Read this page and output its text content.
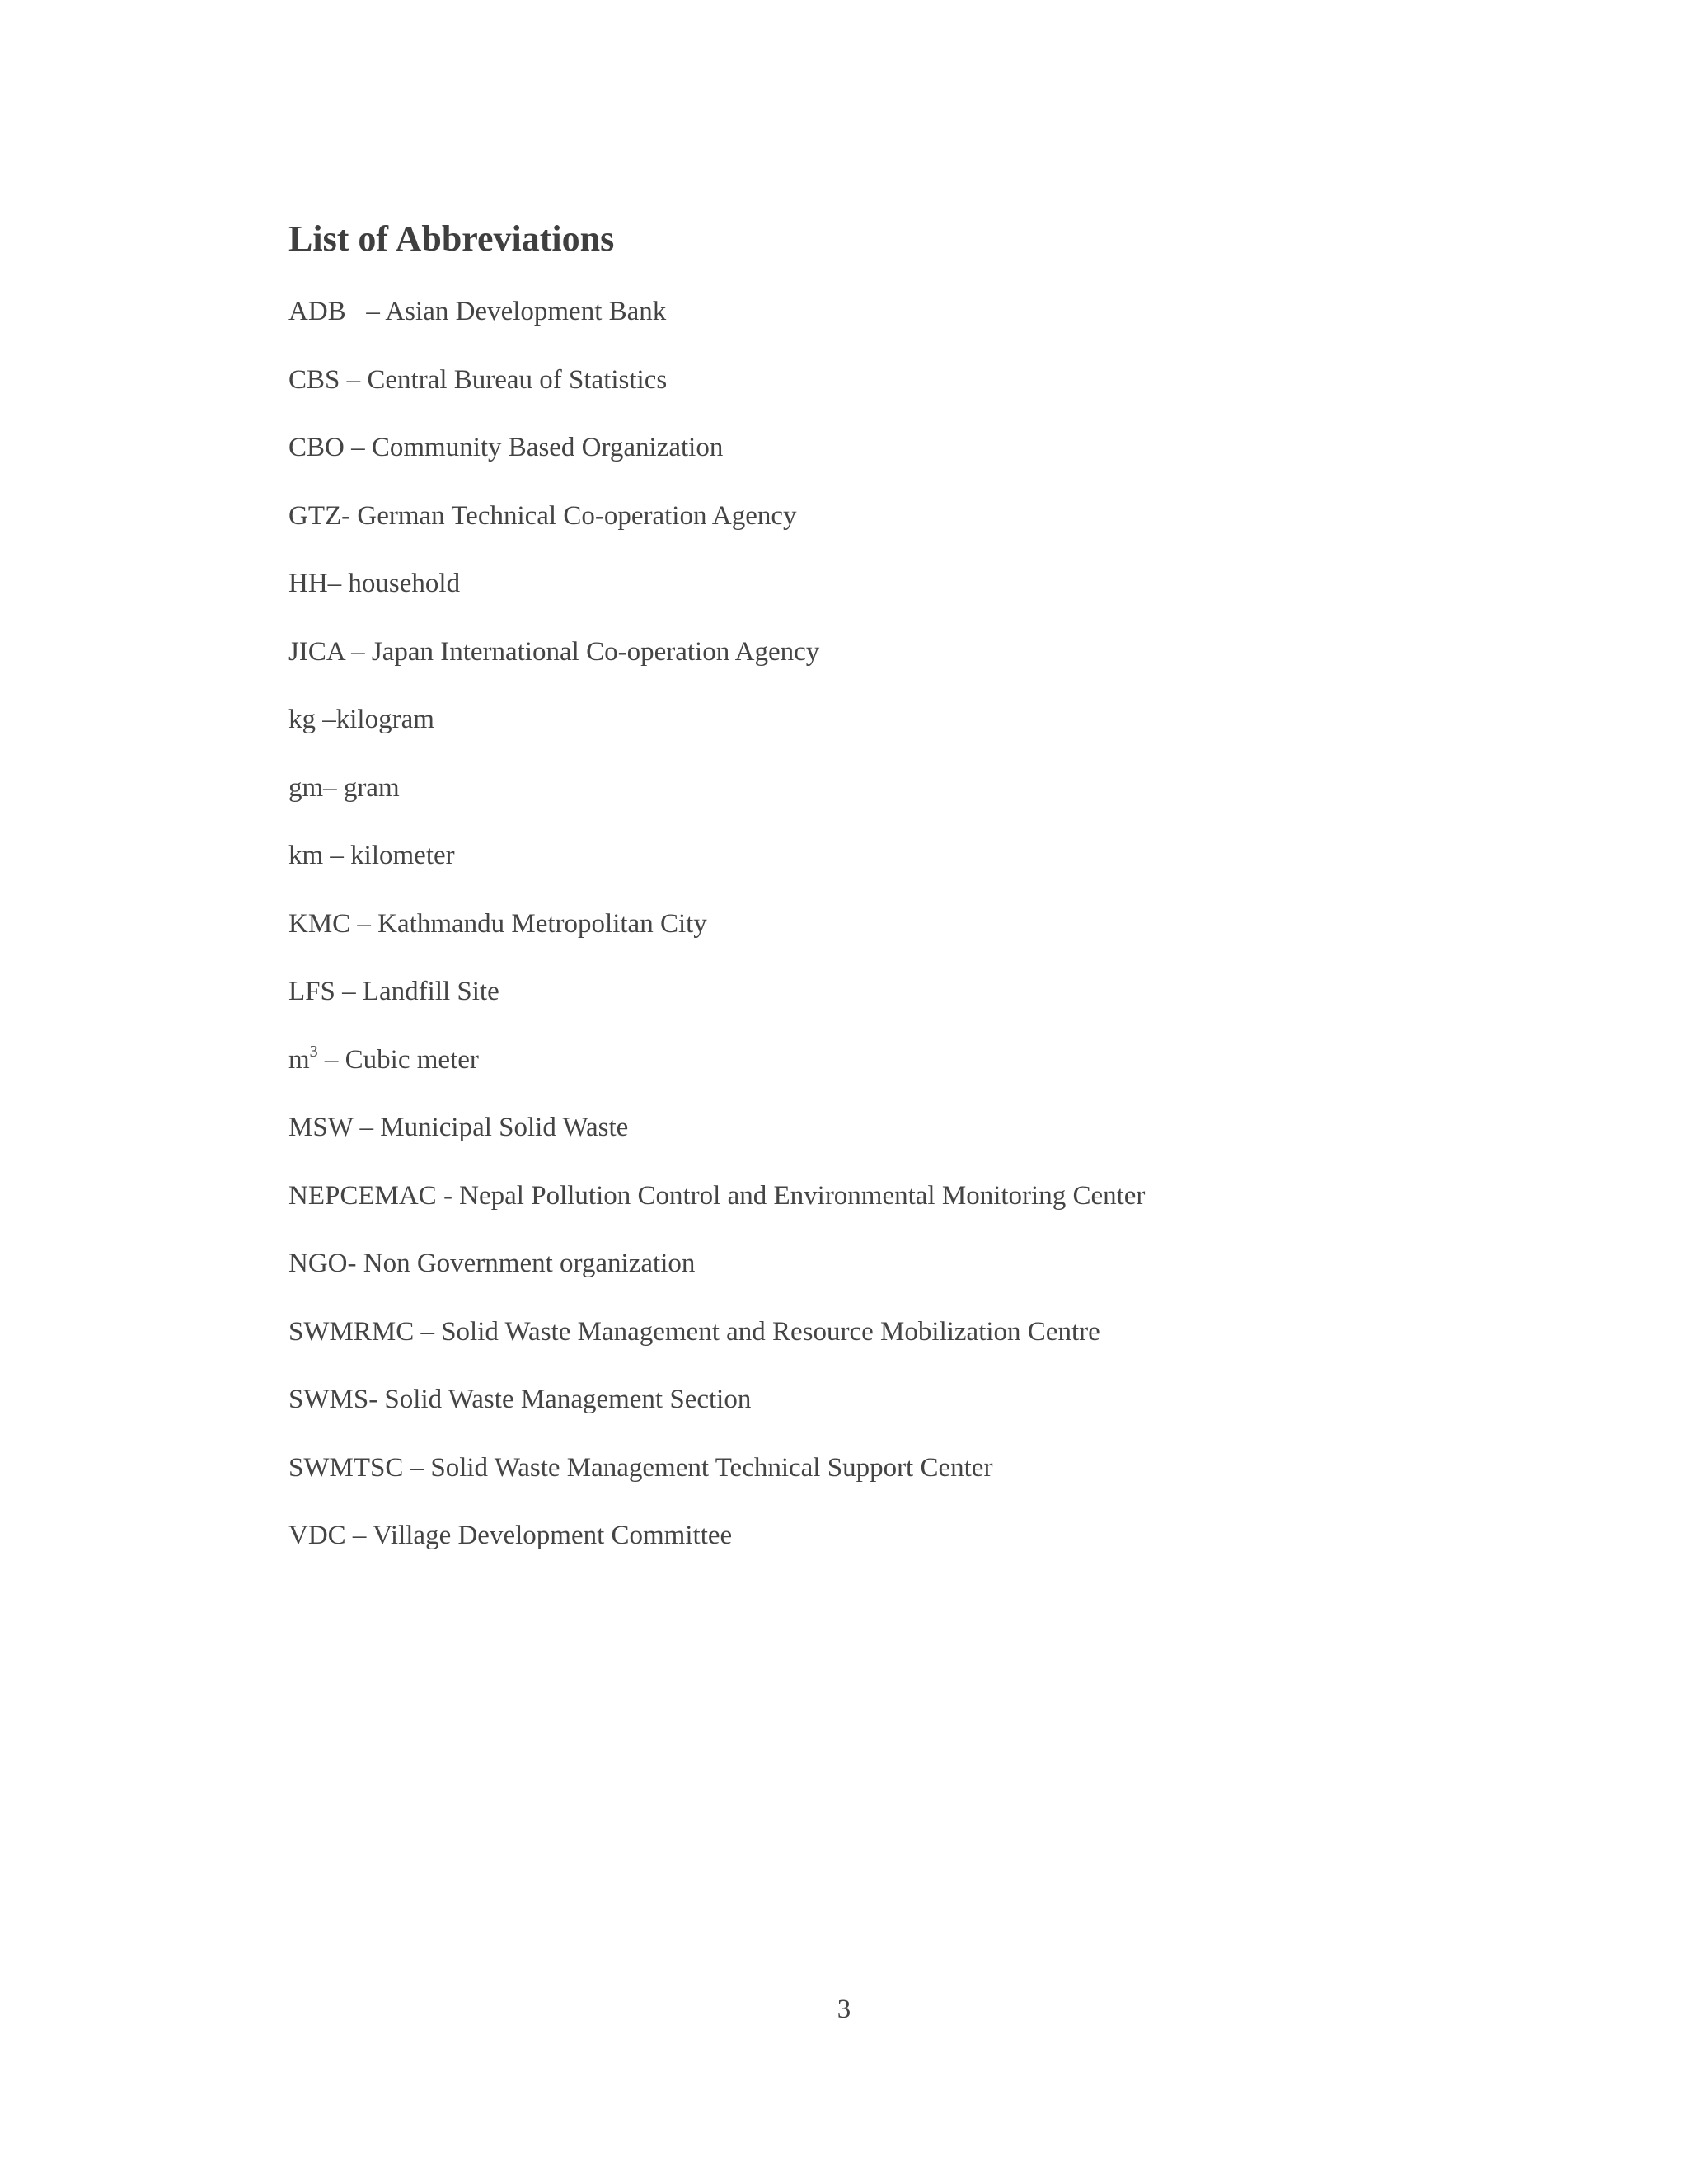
List of Abbreviations
ADB   – Asian Development Bank
CBS – Central Bureau of Statistics
CBO – Community Based Organization
GTZ- German Technical Co-operation Agency
HH– household
JICA – Japan International Co-operation Agency
kg –kilogram
gm– gram
km – kilometer
KMC – Kathmandu Metropolitan City
LFS – Landfill Site
$m^3$ – Cubic meter
MSW – Municipal Solid Waste
NEPCEMAC - Nepal Pollution Control and Environmental Monitoring Center
NGO- Non Government organization
SWMRMC – Solid Waste Management and Resource Mobilization Centre
SWMS- Solid Waste Management Section
SWMTSC – Solid Waste Management Technical Support Center
VDC – Village Development Committee
3
